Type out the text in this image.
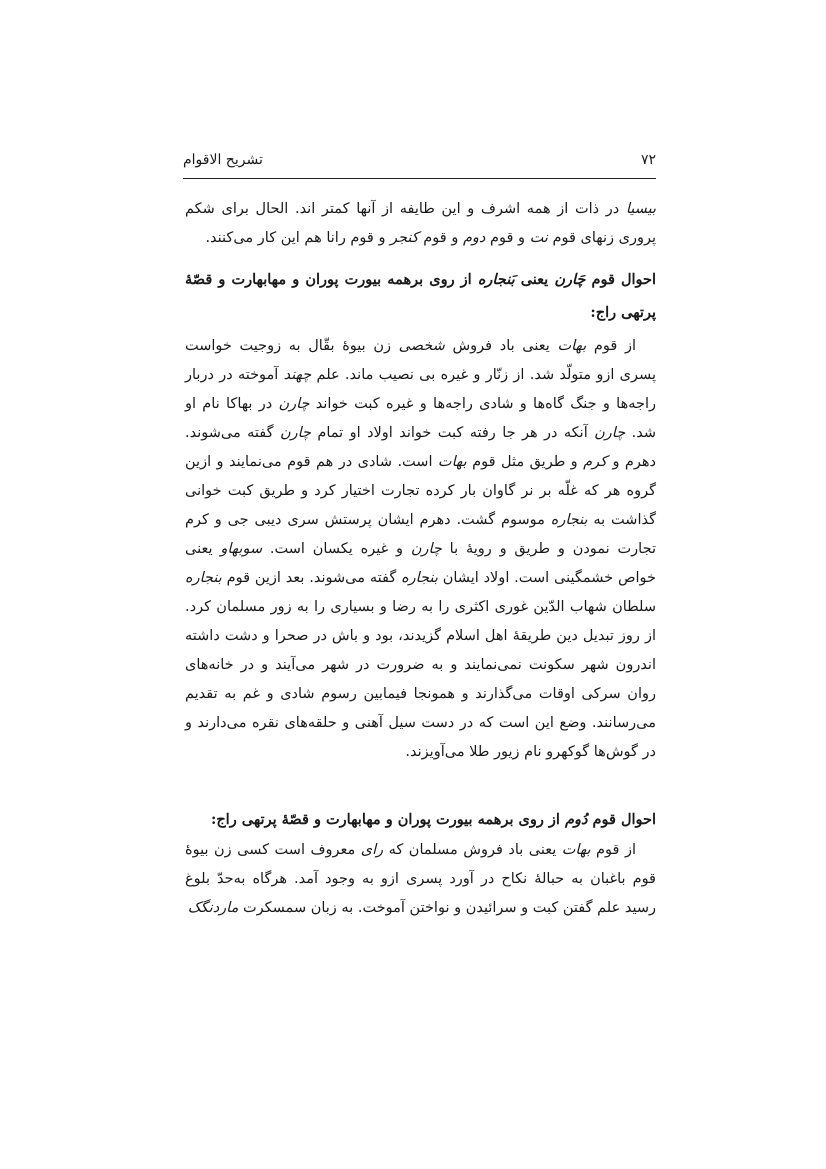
۷۲
تشریح الاقوام

بیسیا در ذات از همه اشرف و این طایفه از آنها کمتر اند. الحال برای شکم پروری زنهای قوم نت و قوم دوم و قوم کنجر و قوم رانا هم این کار می‌کنند.

احوال قوم چَارن یعنی بَنجاره از روی برهمه بیورت پوران و مهابهارت و قصّهٔ پرتهی راج:

از قوم بهات یعنی باد فروش شخصی زن بیوهٔ بقّال به زوجیت خواست پسری ازو متولّد شد. از زنّار و غیره بی نصیب ماند. علم چهند آموخته در دربار راجه‌ها و جنگ گاه‌ها و شادی راجه‌ها و غیره کبت خواند چارن در بهاکا نام او شد. چارن آنکه در هر جا رفته کبت خواند اولاد او تمام چارن گفته می‌شوند. دهرم و کرم و طریق مثل قوم بهات است. شادی در هم قوم می‌نمایند و ازین گروه هر که غلّه بر نر گاوان بار کرده تجارت اختیار کرد و طریق کبت خوانی گذاشت به بنجاره موسوم گشت. دهرم ایشان پرستش سری دیبی جی و کرم تجارت نمودن و طریق و رویهٔ با چارن و غیره یکسان است. سوبهاو یعنی خواص خشمگینی است. اولاد ایشان بنجاره گفته می‌شوند. بعد ازین قوم بنجاره سلطان شهاب الدّین غوری اکثری را به رضا و بسیاری را به زور مسلمان کرد. از روز تبدیل دین طریقهٔ اهل اسلام گزیدند، بود و باش در صحرا و دشت داشته اندرون شهر سکونت نمی‌نمایند و به ضرورت در شهر می‌آیند و در خانه‌های روان سرکی اوقات می‌گذارند و همونجا فیمابین رسوم شادی و غم به تقدیم می‌رسانند. وضع این است که در دست سیل آهنی و حلقه‌های نقره می‌دارند و در گوش‌ها گوکهرو نام زیور طلا می‌آویزند.

احوال قوم دُوم از روی برهمه بیورت پوران و مهابهارت و قصّهٔ پرتهی راج:

از قوم بهات یعنی باد فروش مسلمان که رای معروف است کسی زن بیوهٔ قوم باغبان به حبالهٔ نکاح در آورد پسری ازو به وجود آمد. هرگاه به‌حدّ بلوغ رسید علم گفتن کبت و سرائیدن و نواختن آموخت. به زبان سمسکرت ماردنگک
